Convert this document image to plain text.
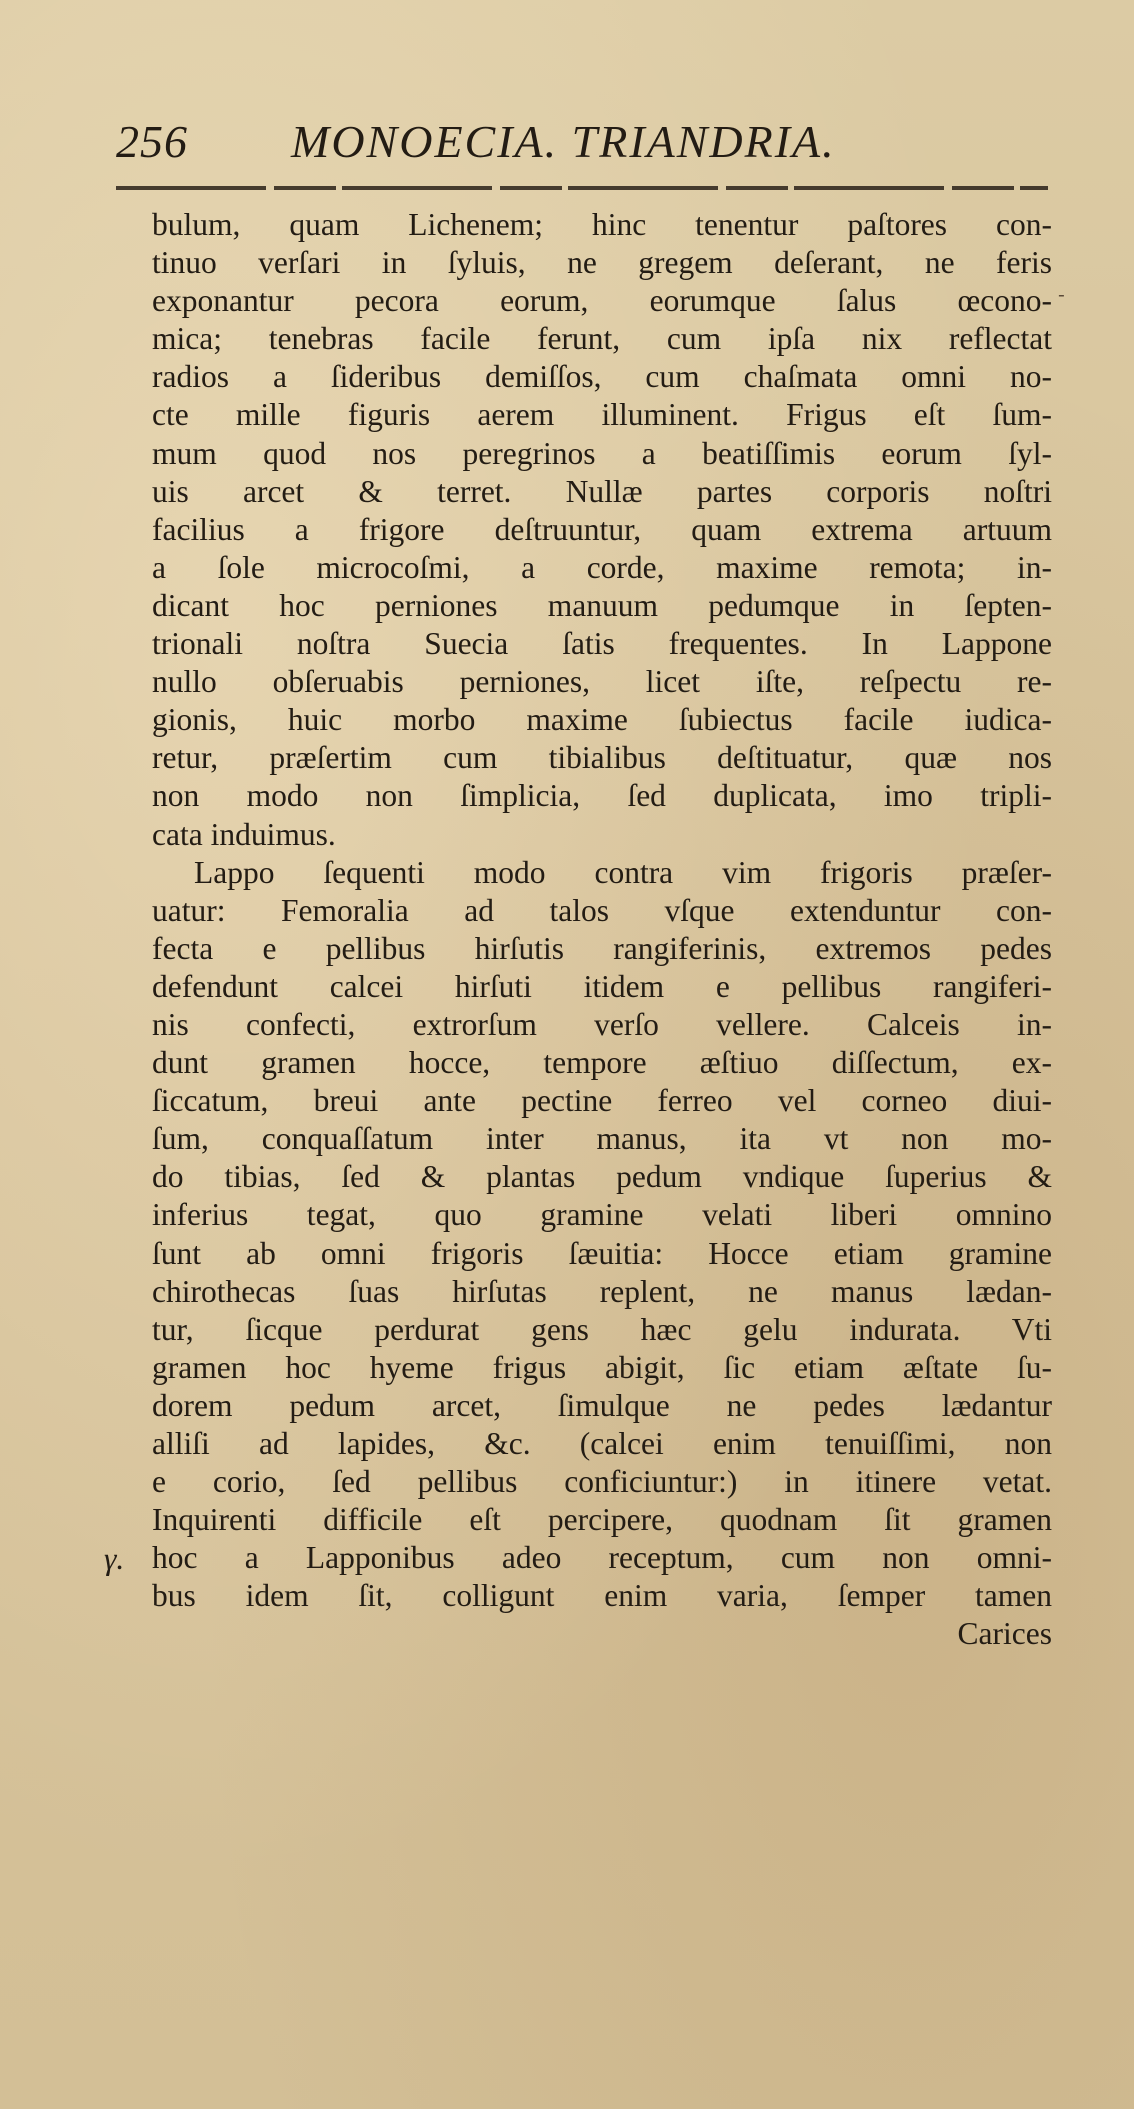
256 MONOECIA. TRIANDRIA.
‑
bulum, quam Lichenem; hinc tenentur paſtores con-
tinuo verſari in ſyluis, ne gregem deſerant, ne feris
exponantur pecora eorum, eorumque ſalus œcono-
mica; tenebras facile ferunt, cum ipſa nix reflectat
radios a ſideribus demiſſos, cum chaſmata omni no-
cte mille figuris aerem illuminent. Frigus eſt ſum-
mum quod nos peregrinos a beatiſſimis eorum ſyl-
uis arcet & terret. Nullæ partes corporis noſtri
facilius a frigore deſtruuntur, quam extrema artuum
a ſole microcoſmi, a corde, maxime remota; in-
dicant hoc perniones manuum pedumque in ſepten-
trionali noſtra Suecia ſatis frequentes. In Lappone
nullo obſeruabis perniones, licet iſte, reſpectu re-
gionis, huic morbo maxime ſubiectus facile iudica-
retur, præſertim cum tibialibus deſtituatur, quæ nos
non modo non ſimplicia, ſed duplicata, imo tripli-
cata induimus.
Lappo ſequenti modo contra vim frigoris præſer-
uatur: Femoralia ad talos vſque extenduntur con-
fecta e pellibus hirſutis rangiferinis, extremos pedes
defendunt calcei hirſuti itidem e pellibus rangiferi-
nis confecti, extrorſum verſo vellere. Calceis in-
dunt gramen hocce, tempore æſtiuo diſſectum, ex-
ſiccatum, breui ante pectine ferreo vel corneo diui-
ſum, conquaſſatum inter manus, ita vt non mo-
do tibias, ſed & plantas pedum vndique ſuperius &
inferius tegat, quo gramine velati liberi omnino
ſunt ab omni frigoris ſæuitia: Hocce etiam gramine
chirothecas ſuas hirſutas replent, ne manus lædan-
tur, ſicque perdurat gens hæc gelu indurata. Vti
gramen hoc hyeme frigus abigit, ſic etiam æſtate ſu-
dorem pedum arcet, ſimulque ne pedes lædantur
alliſi ad lapides, &c. (calcei enim tenuiſſimi, non
e corio, ſed pellibus conficiuntur:) in itinere vetat.
Inquirenti difficile eſt percipere, quodnam ſit gramen
hoc a Lapponibus adeo receptum, cum non omni-
bus idem ſit, colligunt enim varia, ſemper tamen
Carices
γ.
